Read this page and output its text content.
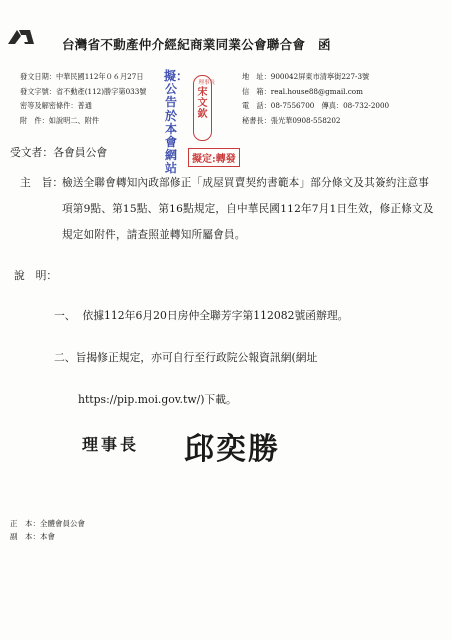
台灣省不動產仲介經紀商業同業公會聯合會　函
發文日期：中華民國112年０６月27日
發文字號：省不動產(112)勝字第033號
密等及解密條件：普通
附　件：如說明二、附件
地　址：900042屏東市清寧街227-3號
信　箱：real.house88@gmail.com
電　話：08-7556700　傳真：08-732-2000
秘書長：張光華0908-558202
擬：公告於本會網站
理事長
宋文欽
擬定:轉發
受文者：各會員公會
主　旨：
檢送全聯會轉知內政部修正「成屋買賣契約書範本」部分條文及其簽約注意事項第9點、第15點、第16點規定，自中華民國112年7月1日生效，修正條文及規定如附件，請查照並轉知所屬會員。
說　明：
一、 依據112年6月20日房仲全聯芳字第112082號函辦理。
二、旨揭修正規定，亦可自行至行政院公報資訊網(網址
https://pip.moi.gov.tw/)下載。
理事長 邱奕勝
正　本：全體會員公會
副　本：本會
